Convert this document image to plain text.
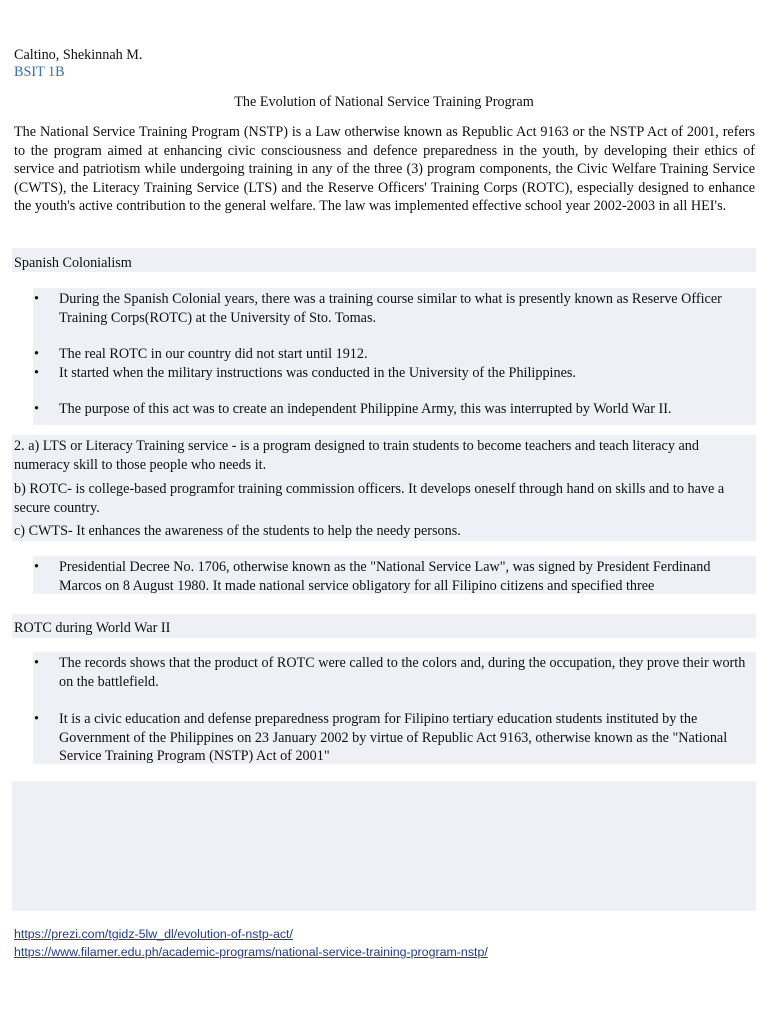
Caltino, Shekinnah M.
BSIT 1B
The Evolution of National Service Training Program
The National Service Training Program (NSTP) is a Law otherwise known as Republic Act 9163 or the NSTP Act of 2001, refers to the program aimed at enhancing civic consciousness and defence preparedness in the youth, by developing their ethics of service and patriotism while undergoing training in any of the three (3) program components, the Civic Welfare Training Service (CWTS), the Literacy Training Service (LTS) and the Reserve Officers' Training Corps (ROTC), especially designed to enhance the youth's active contribution to the general welfare. The law was implemented effective school year 2002-2003 in all HEI's.
Spanish Colonialism
• During the Spanish Colonial years, there was a training course similar to what is presently known as Reserve Officer Training Corps(ROTC) at the University of Sto. Tomas.
• The real ROTC in our country did not start until 1912.
• It started when the military instructions was conducted in the University of the Philippines.
• The purpose of this act was to create an independent Philippine Army, this was interrupted by World War II.
2. a) LTS or Literacy Training service - is a program designed to train students to become teachers and teach literacy and numeracy skill to those people who needs it.
b) ROTC- is college-based programfor training commission officers. It develops oneself through hand on skills and to have a secure country.
c) CWTS- It enhances the awareness of the students to help the needy persons.
• Presidential Decree No. 1706, otherwise known as the "National Service Law", was signed by President Ferdinand Marcos on 8 August 1980. It made national service obligatory for all Filipino citizens and specified three
ROTC during World War II
• The records shows that the product of ROTC were called to the colors and, during the occupation, they prove their worth on the battlefield.
• It is a civic education and defense preparedness program for Filipino tertiary education students instituted by the Government of the Philippines on 23 January 2002 by virtue of Republic Act 9163, otherwise known as the "National Service Training Program (NSTP) Act of 2001"
https://prezi.com/tgidz-5lw_dl/evolution-of-nstp-act/
https://www.filamer.edu.ph/academic-programs/national-service-training-program-nstp/
